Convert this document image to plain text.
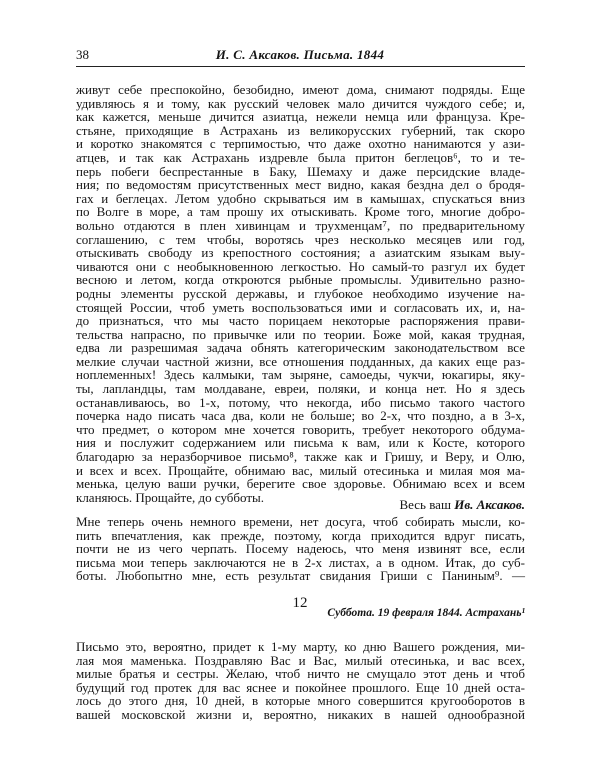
38	И. С. Аксаков. Письма. 1844
живут себе преспокойно, безобидно, имеют дома, снимают подряды. Еще
удивляюсь я и тому, как русский человек мало дичится чуждого себе; и,
как кажется, меньше дичится азиатца, нежели немца или француза. Кре-
стьяне, приходящие в Астрахань из великорусских губерний, так скоро
и коротко знакомятся с терпимостью, что даже охотно нанимаются у ази-
атцев, и так как Астрахань издревле была притон беглецов⁶, то и те-
перь побеги беспрестанные в Баку, Шемаху и даже персидские владе-
ния; по ведомостям присутственных мест видно, какая бездна дел о бродя-
гах и беглецах. Летом удобно скрываться им в камышах, спускаться вниз
по Волге в море, а там прошу их отыскивать. Кроме того, многие добро-
вольно отдаются в плен хивинцам и трухменцам⁷, по предварительному
соглашению, с тем чтобы, воротясь чрез несколько месяцев или год,
отыскивать свободу из крепостного состояния; а азиатским языкам выу-
чиваются они с необыкновенною легкостью. Но самый-то разгул их будет
весною и летом, когда откроются рыбные промыслы. Удивительно разно-
родны элементы русской державы, и глубокое необходимо изучение на-
стоящей России, чтоб уметь воспользоваться ими и согласовать их, и, на-
до признаться, что мы часто порицаем некоторые распоряжения прави-
тельства напрасно, по привычке или по теории. Боже мой, какая трудная,
едва ли разрешимая задача обнять категорическим законодательством все
мелкие случаи частной жизни, все отношения подданных, да каких еще раз-
ноплеменных! Здесь калмыки, там зыряне, самоеды, чукчи, юкагиры, яку-
ты, лапландцы, там молдаване, евреи, поляки, и конца нет. Но я здесь
останавливаюсь, во 1-х, потому, что некогда, ибо письмо такого частого
почерка надо писать часа два, коли не больше; во 2-х, что поздно, а в 3-х,
что предмет, о котором мне хочется говорить, требует некоторого обдума-
ния и послужит содержанием или письма к вам, или к Косте, которого
благодарю за неразборчивое письмо⁸, также как и Гришу, и Веру, и Олю,
и всех и всех. Прощайте, обнимаю вас, милый отесинька и милая моя ма-
менька, целую ваши ручки, берегите свое здоровье. Обнимаю всех и всем
кланяюсь. Прощайте, до субботы.	Весь ваш Ив. Аксаков.
Мне теперь очень немного времени, нет досуга, чтоб собирать мысли, ко-
пить впечатления, как прежде, поэтому, когда приходится вдруг писать,
почти не из чего черпать. Посему надеюсь, что меня извинят все, если
письма мои теперь заключаются не в 2-х листах, а в одном. Итак, до суб-
боты. Любопытно мне, есть результат свидания Гриши с Паниным⁹. —
12
Суббота. 19 февраля 1844. Астрахань¹
Письмо это, вероятно, придет к 1-му марту, ко дню Вашего рождения, ми-
лая моя маменька. Поздравляю Вас и Вас, милый отесинька, и вас всех,
милые братья и сестры. Желаю, чтоб ничто не смущало этот день и чтоб
будущий год протек для вас яснее и покойнее прошлого. Еще 10 дней оста-
лось до этого дня, 10 дней, в которые много совершится кругооборотов в
вашей московской жизни и, вероятно, никаких в нашей однообразной
